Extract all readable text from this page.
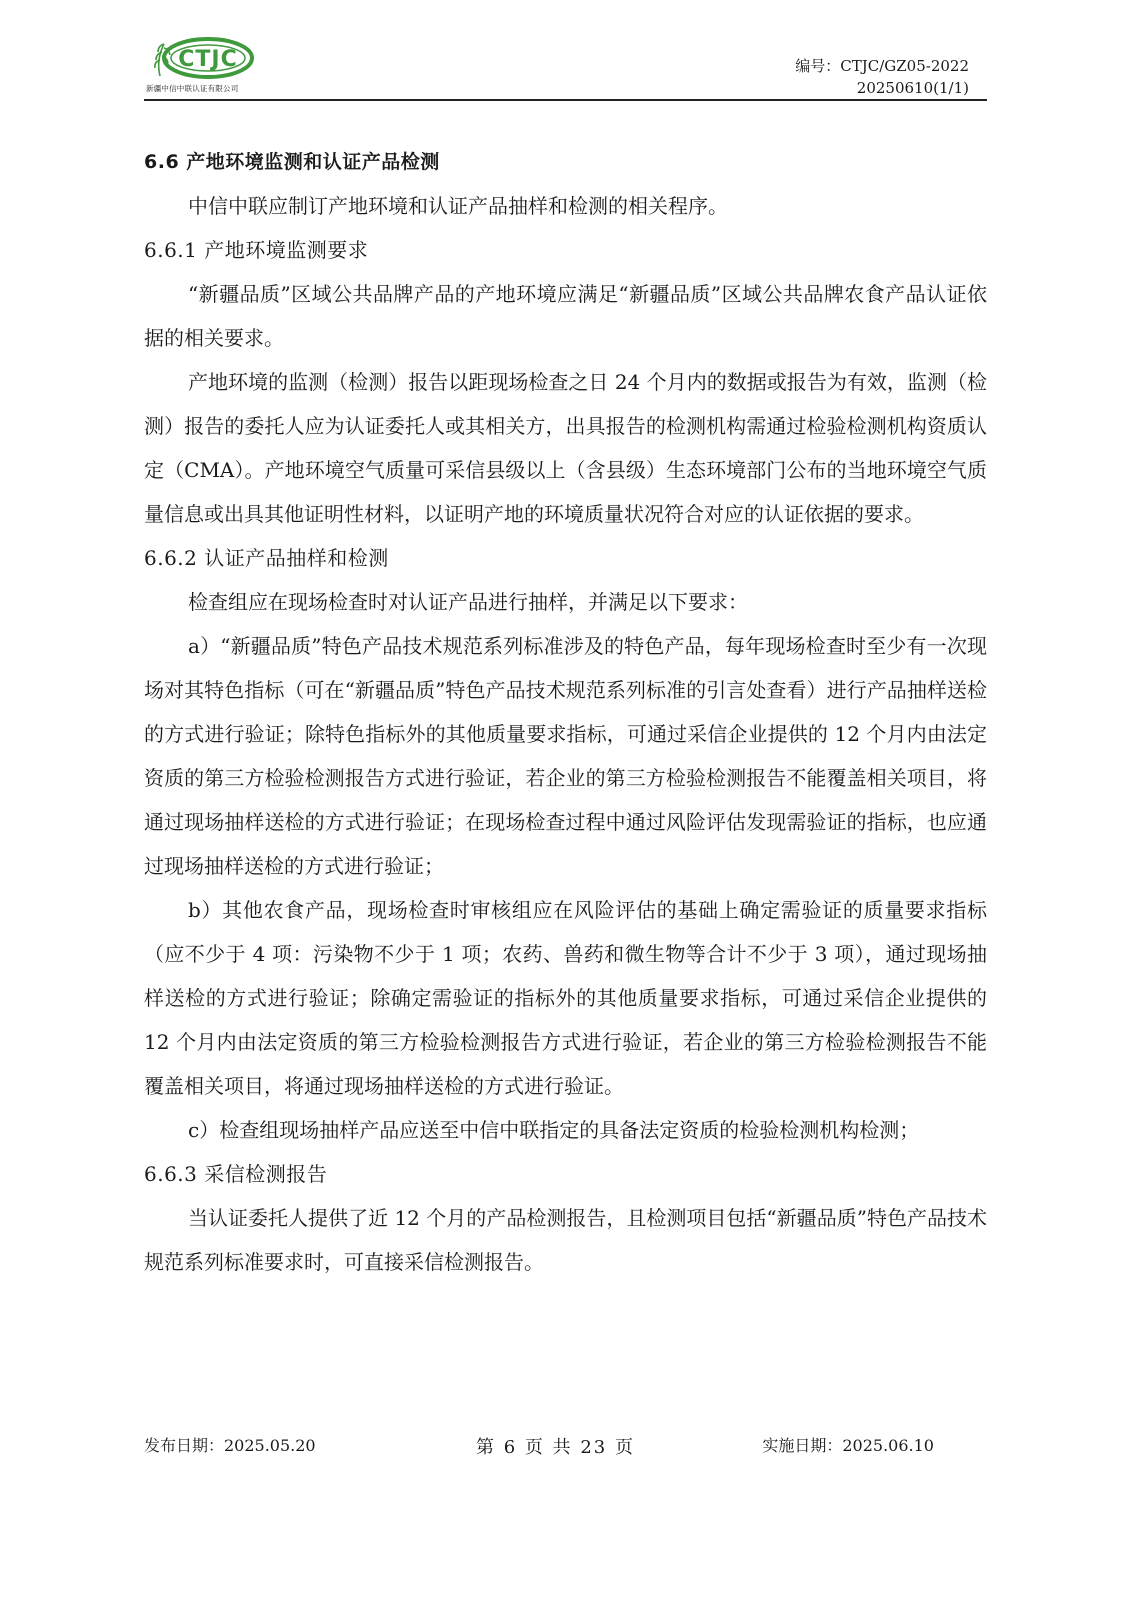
CTJC
新疆中信中联认证有限公司
编号：CTJC/GZ05-2022
20250610(1/1)

6.6 产地环境监测和认证产品检测

中信中联应制订产地环境和认证产品抽样和检测的相关程序。

6.6.1 产地环境监测要求

“新疆品质”区域公共品牌产品的产地环境应满足“新疆品质”区域公共品牌农食产品认证依据的相关要求。

产地环境的监测（检测）报告以距现场检查之日 24 个月内的数据或报告为有效，监测（检测）报告的委托人应为认证委托人或其相关方，出具报告的检测机构需通过检验检测机构资质认定（CMA）。产地环境空气质量可采信县级以上（含县级）生态环境部门公布的当地环境空气质量信息或出具其他证明性材料，以证明产地的环境质量状况符合对应的认证依据的要求。

6.6.2 认证产品抽样和检测

检查组应在现场检查时对认证产品进行抽样，并满足以下要求：

a）“新疆品质”特色产品技术规范系列标准涉及的特色产品，每年现场检查时至少有一次现场对其特色指标（可在“新疆品质”特色产品技术规范系列标准的引言处查看）进行产品抽样送检的方式进行验证；除特色指标外的其他质量要求指标，可通过采信企业提供的 12 个月内由法定资质的第三方检验检测报告方式进行验证，若企业的第三方检验检测报告不能覆盖相关项目，将通过现场抽样送检的方式进行验证；在现场检查过程中通过风险评估发现需验证的指标，也应通过现场抽样送检的方式进行验证；

b）其他农食产品，现场检查时审核组应在风险评估的基础上确定需验证的质量要求指标（应不少于 4 项：污染物不少于 1 项；农药、兽药和微生物等合计不少于 3 项），通过现场抽样送检的方式进行验证；除确定需验证的指标外的其他质量要求指标，可通过采信企业提供的 12 个月内由法定资质的第三方检验检测报告方式进行验证，若企业的第三方检验检测报告不能覆盖相关项目，将通过现场抽样送检的方式进行验证。

c）检查组现场抽样产品应送至中信中联指定的具备法定资质的检验检测机构检测；

6.6.3 采信检测报告

当认证委托人提供了近 12 个月的产品检测报告，且检测项目包括“新疆品质”特色产品技术规范系列标准要求时，可直接采信检测报告。

发布日期：2025.05.20	第 6 页 共 23 页	实施日期：2025.06.10
